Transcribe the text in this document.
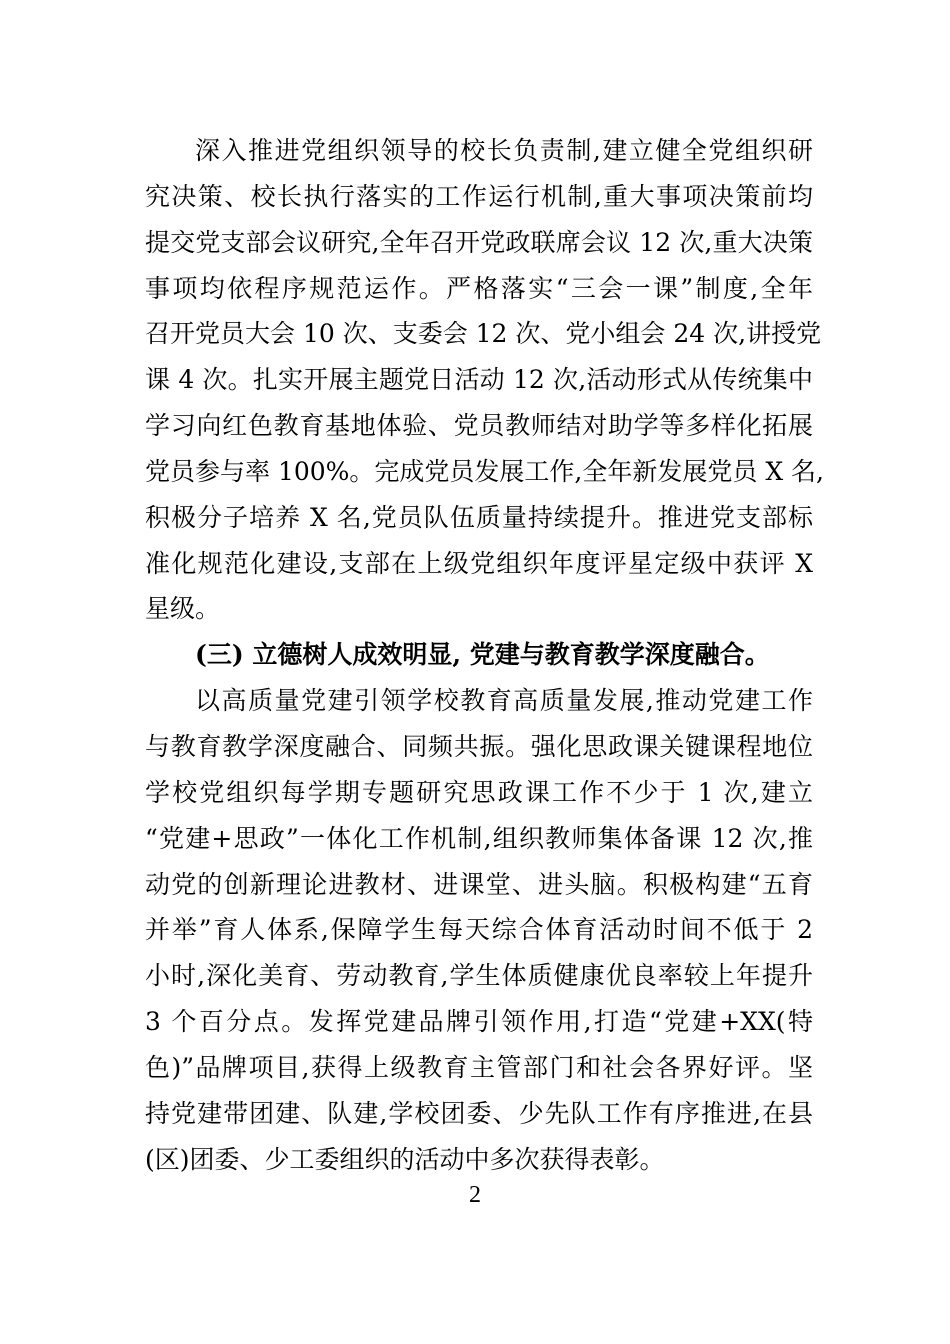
深入推进党组织领导的校长负责制,建立健全党组织研
究决策、校长执行落实的工作运行机制,重大事项决策前均
提交党支部会议研究,全年召开党政联席会议 12 次,重大决策
事项均依程序规范运作。严格落实“三会一课”制度,全年
召开党员大会 10 次、支委会 12 次、党小组会 24 次,讲授党
课 4 次。扎实开展主题党日活动 12 次,活动形式从传统集中
学习向红色教育基地体验、党员教师结对助学等多样化拓展
党员参与率 100%。完成党员发展工作,全年新发展党员 X 名,
积极分子培养 X 名,党员队伍质量持续提升。推进党支部标
准化规范化建设,支部在上级党组织年度评星定级中获评 X
星级。
(三) 立德树人成效明显, 党建与教育教学深度融合。
以高质量党建引领学校教育高质量发展,推动党建工作
与教育教学深度融合、同频共振。强化思政课关键课程地位
学校党组织每学期专题研究思政课工作不少于 1 次,建立
“党建+思政”一体化工作机制,组织教师集体备课 12 次,推
动党的创新理论进教材、进课堂、进头脑。积极构建“五育
并举”育人体系,保障学生每天综合体育活动时间不低于 2
小时,深化美育、劳动教育,学生体质健康优良率较上年提升
3 个百分点。发挥党建品牌引领作用,打造“党建+XX(特
色)”品牌项目,获得上级教育主管部门和社会各界好评。坚
持党建带团建、队建,学校团委、少先队工作有序推进,在县
(区)团委、少工委组织的活动中多次获得表彰。
2
